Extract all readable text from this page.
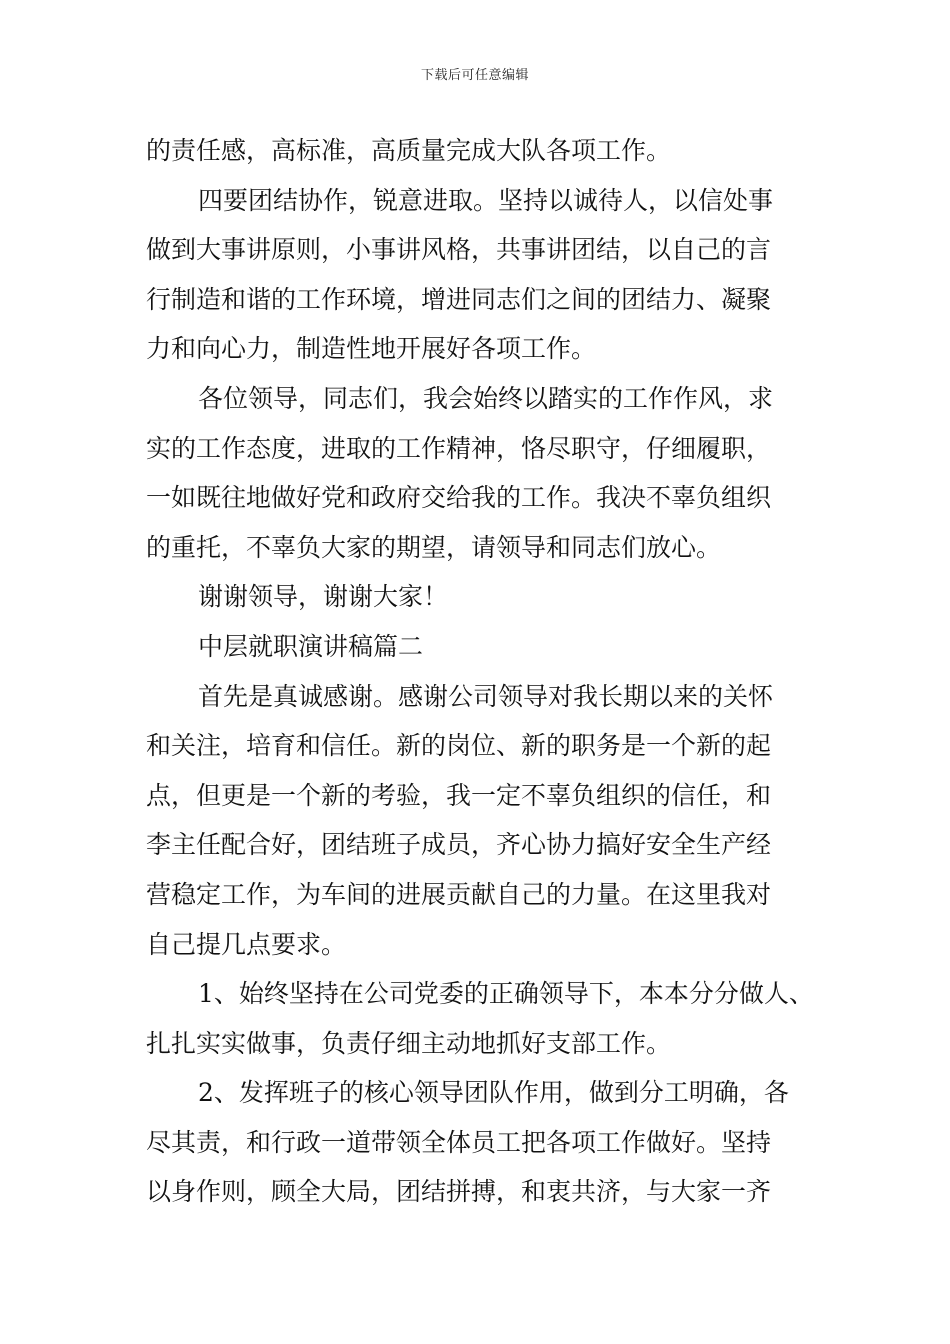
下载后可任意编辑
的责任感，高标准，高质量完成大队各项工作。
四要团结协作，锐意进取。坚持以诚待人，以信处事
做到大事讲原则，小事讲风格，共事讲团结，以自己的言
行制造和谐的工作环境，增进同志们之间的团结力、凝聚
力和向心力，制造性地开展好各项工作。
各位领导，同志们，我会始终以踏实的工作作风，求
实的工作态度，进取的工作精神，恪尽职守，仔细履职，
一如既往地做好党和政府交给我的工作。我决不辜负组织
的重托，不辜负大家的期望，请领导和同志们放心。
谢谢领导，谢谢大家！
中层就职演讲稿篇二
首先是真诚感谢。感谢公司领导对我长期以来的关怀
和关注，培育和信任。新的岗位、新的职务是一个新的起
点，但更是一个新的考验，我一定不辜负组织的信任，和
李主任配合好，团结班子成员，齐心协力搞好安全生产经
营稳定工作，为车间的进展贡献自己的力量。在这里我对
自己提几点要求。
1、始终坚持在公司党委的正确领导下，本本分分做人、
扎扎实实做事，负责仔细主动地抓好支部工作。
2、发挥班子的核心领导团队作用，做到分工明确，各
尽其责，和行政一道带领全体员工把各项工作做好。坚持
以身作则，顾全大局，团结拼搏，和衷共济，与大家一齐
